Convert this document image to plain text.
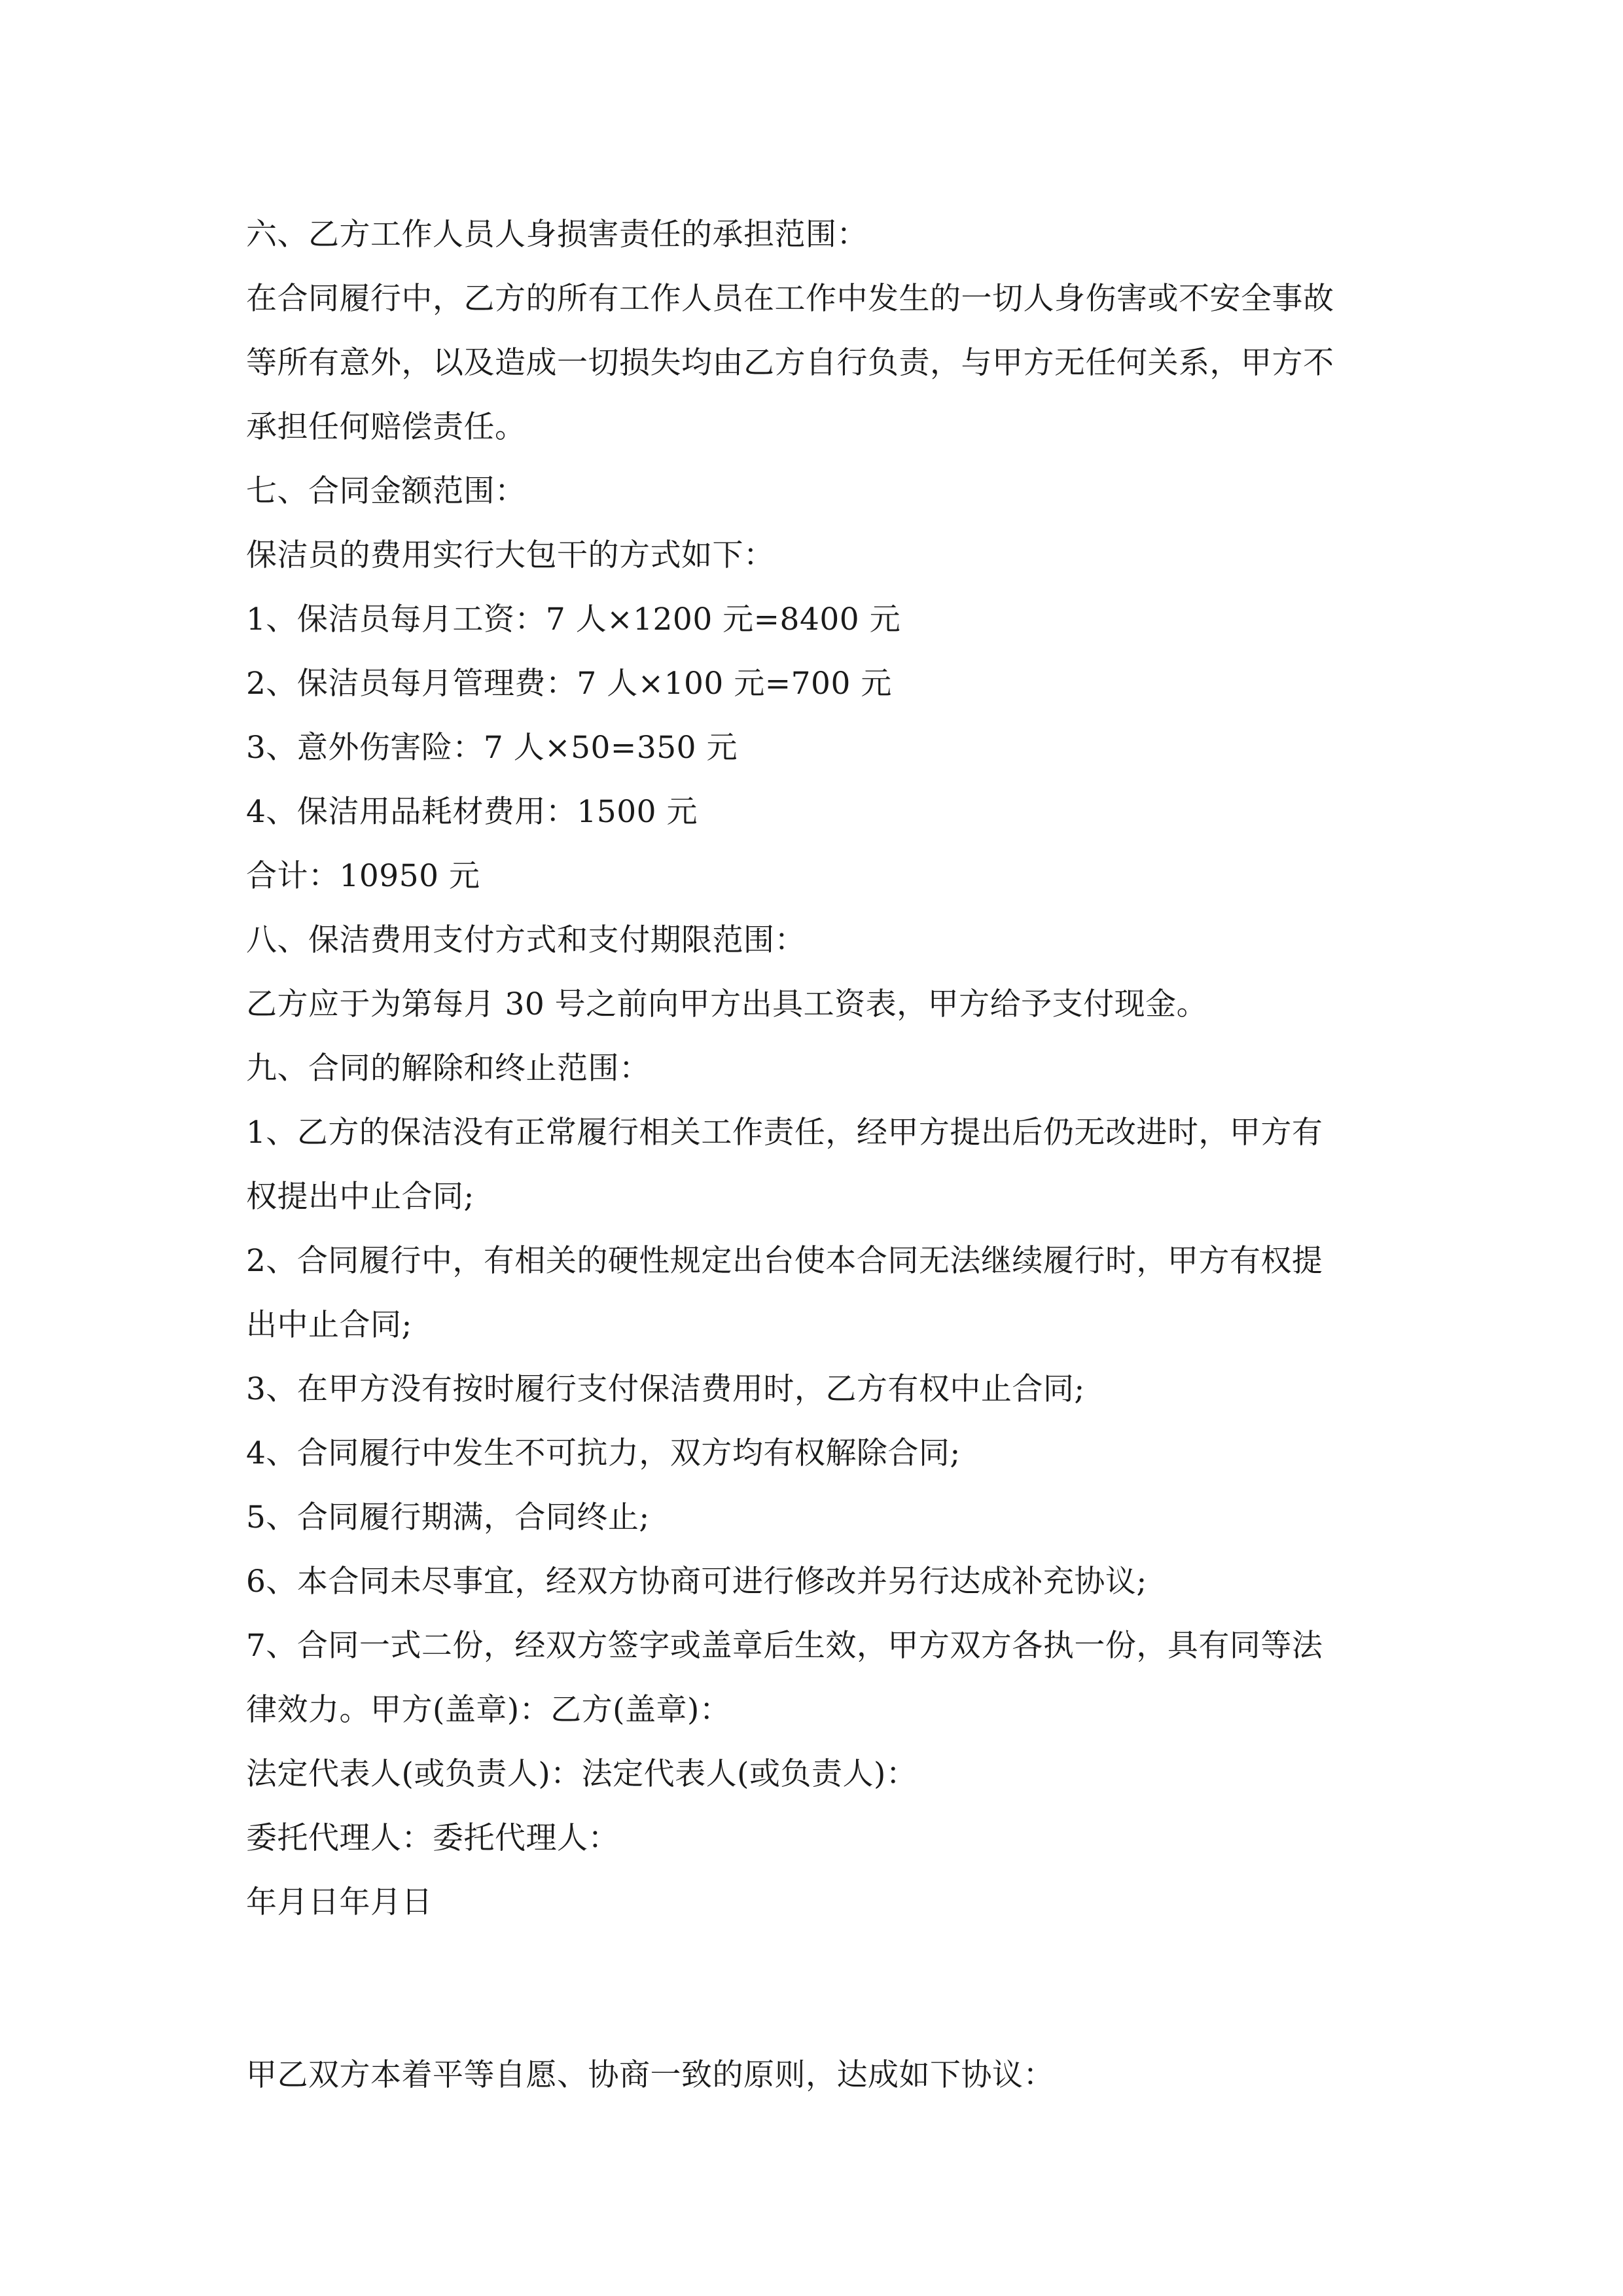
六、乙方工作人员人身损害责任的承担范围：
在合同履行中，乙方的所有工作人员在工作中发生的一切人身伤害或不安全事故
等所有意外，以及造成一切损失均由乙方自行负责，与甲方无任何关系，甲方不
承担任何赔偿责任。
七、合同金额范围：
保洁员的费用实行大包干的方式如下：
1、保洁员每月工资：7 人×1200 元=8400 元
2、保洁员每月管理费：7 人×100 元=700 元
3、意外伤害险：7 人×50=350 元
4、保洁用品耗材费用：1500 元
合计：10950 元
八、保洁费用支付方式和支付期限范围：
乙方应于为第每月 30 号之前向甲方出具工资表，甲方给予支付现金。
九、合同的解除和终止范围：
1、乙方的保洁没有正常履行相关工作责任，经甲方提出后仍无改进时，甲方有
权提出中止合同;
2、合同履行中，有相关的硬性规定出台使本合同无法继续履行时，甲方有权提
出中止合同;
3、在甲方没有按时履行支付保洁费用时，乙方有权中止合同;
4、合同履行中发生不可抗力，双方均有权解除合同;
5、合同履行期满，合同终止;
6、本合同未尽事宜，经双方协商可进行修改并另行达成补充协议;
7、合同一式二份，经双方签字或盖章后生效，甲方双方各执一份，具有同等法
律效力。甲方(盖章)：乙方(盖章)：
法定代表人(或负责人)：法定代表人(或负责人)：
委托代理人：委托代理人：
年月日年月日
甲乙双方本着平等自愿、协商一致的原则，达成如下协议：
